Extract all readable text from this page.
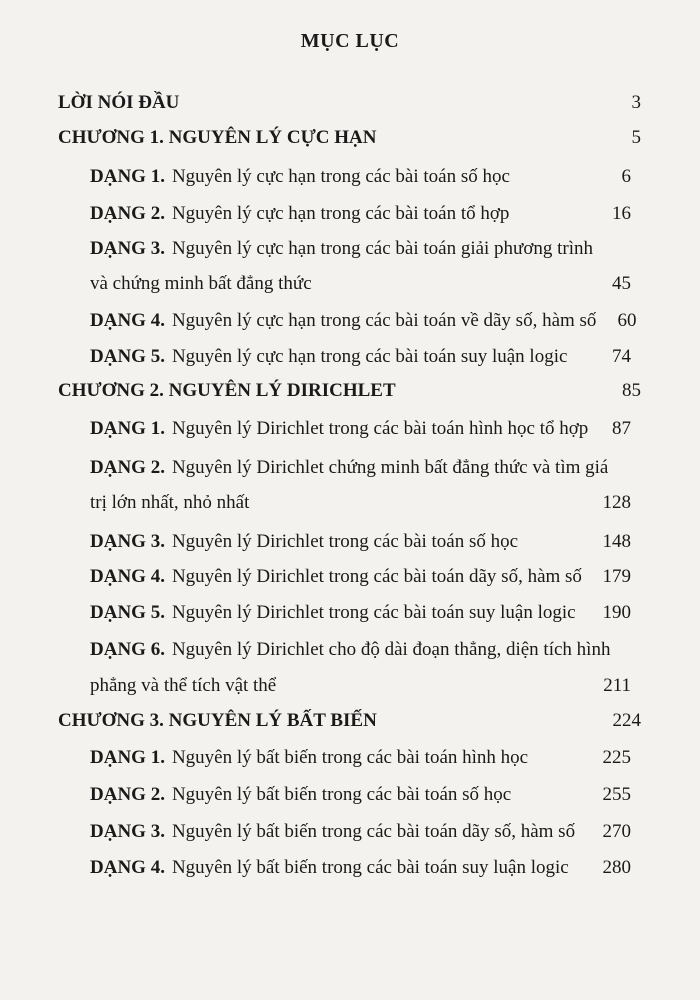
MỤC LỤC
LỜI NÓI ĐẦU	3
CHƯƠNG 1. NGUYÊN LÝ CỰC HẠN	5
DẠNG 1. Nguyên lý cực hạn trong các bài toán số học	6
DẠNG 2. Nguyên lý cực hạn trong các bài toán tổ hợp	16
DẠNG 3. Nguyên lý cực hạn trong các bài toán giải phương trình
và chứng minh bất đẳng thức	45
DẠNG 4. Nguyên lý cực hạn trong các bài toán về dãy số, hàm số	60
DẠNG 5. Nguyên lý cực hạn trong các bài toán suy luận logic	74
CHƯƠNG 2. NGUYÊN LÝ DIRICHLET	85
DẠNG 1. Nguyên lý Dirichlet trong các bài toán hình học tổ hợp	87
DẠNG 2. Nguyên lý Dirichlet chứng minh bất đẳng thức và tìm giá
trị lớn nhất, nhỏ nhất	128
DẠNG 3. Nguyên lý Dirichlet trong các bài toán số học	148
DẠNG 4. Nguyên lý Dirichlet trong các bài toán dãy số, hàm số	179
DẠNG 5. Nguyên lý Dirichlet trong các bài toán suy luận logic	190
DẠNG 6. Nguyên lý Dirichlet cho độ dài đoạn thẳng, diện tích hình
phẳng và thể tích vật thể	211
CHƯƠNG 3. NGUYÊN LÝ BẤT BIẾN	224
DẠNG 1. Nguyên lý bất biến trong các bài toán hình học	225
DẠNG 2. Nguyên lý bất biến trong các bài toán số học	255
DẠNG 3. Nguyên lý bất biến trong các bài toán dãy số, hàm số	270
DẠNG 4. Nguyên lý bất biến trong các bài toán suy luận logic	280
